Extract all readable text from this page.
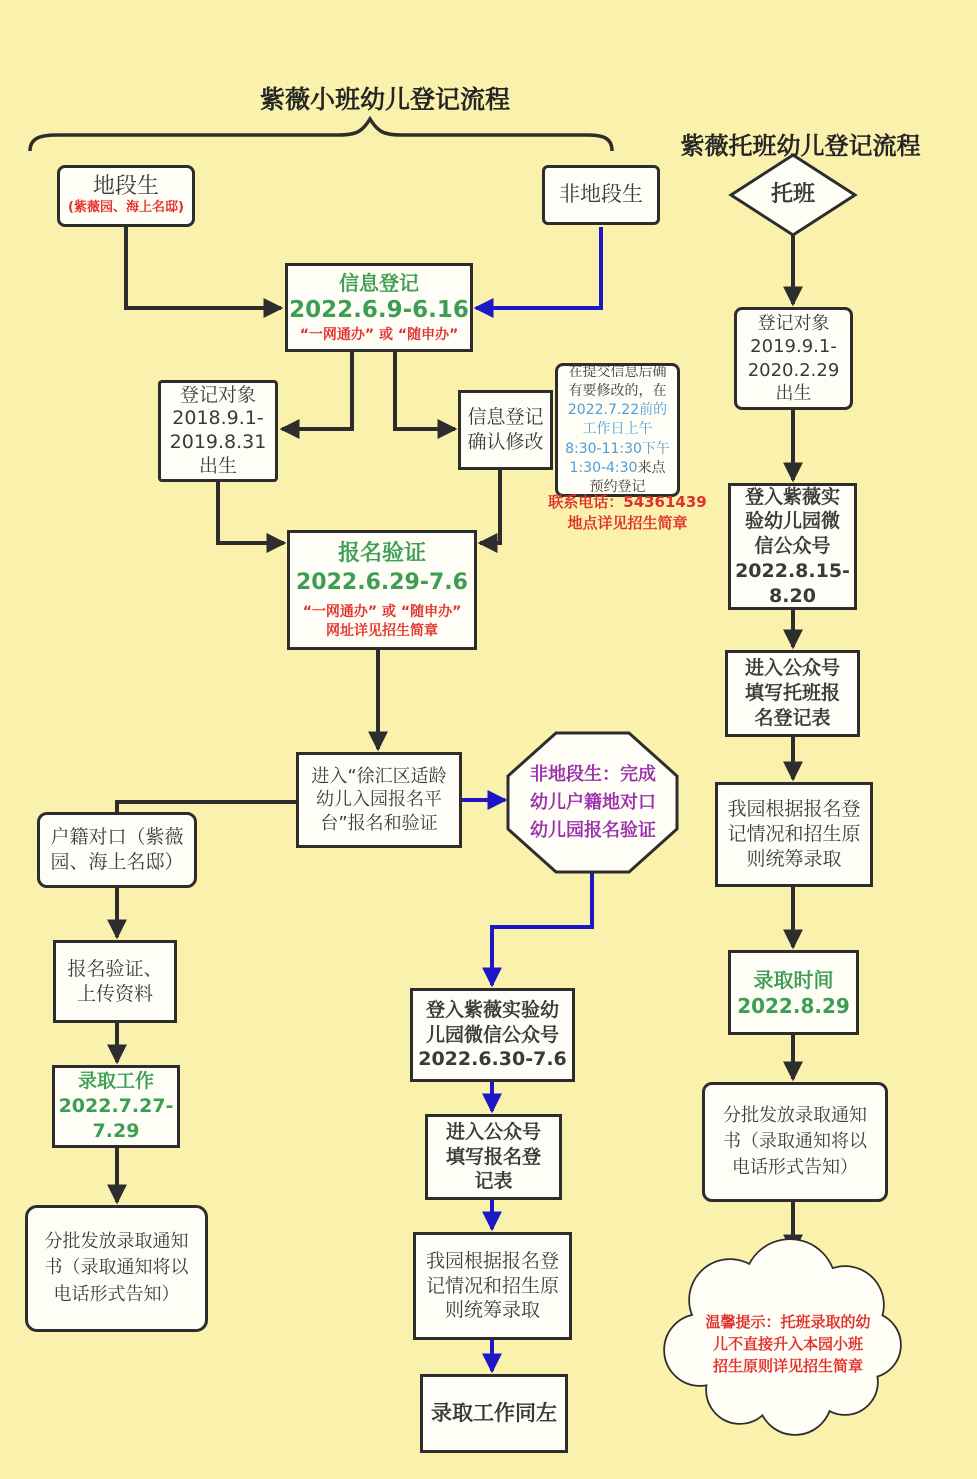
紫薇小班幼儿登记流程
紫薇托班幼儿登记流程
地段生
(紫薇园、海上名邸)
非地段生
信息登记
2022.6.9-6.16
“一网通办” 或 “随申办”
登记对象
2018.9.1-
2019.8.31
出生
信息登记
确认修改
在提交信息后确
有要修改的，在
2022.7.22前的
工作日上午
8:30-11:30下午
1:30-4:30来点
预约登记
联系电话：54361439
地点详见招生简章
报名验证
2022.6.29-7.6
“一网通办” 或 “随申办”
网址详见招生简章
进入“徐汇区适龄
幼儿入园报名平
台”报名和验证
非地段生：完成
幼儿户籍地对口
幼儿园报名验证
户籍对口（紫薇
园、海上名邸）
报名验证、
上传资料
录取工作
2022.7.27-
7.29
分批发放录取通知
书（录取通知将以
电话形式告知）
登入紫薇实验幼
儿园微信公众号
2022.6.30-7.6
进入公众号
填写报名登
记表
我园根据报名登
记情况和招生原
则统筹录取
录取工作同左
托班
登记对象
2019.9.1-
2020.2.29
出生
登入紫薇实
验幼儿园微
信公众号
2022.8.15-
8.20
进入公众号
填写托班报
名登记表
我园根据报名登
记情况和招生原
则统筹录取
录取时间
2022.8.29
分批发放录取通知
书（录取通知将以
电话形式告知）
温馨提示：托班录取的幼
儿不直接升入本园小班
招生原则详见招生简章
